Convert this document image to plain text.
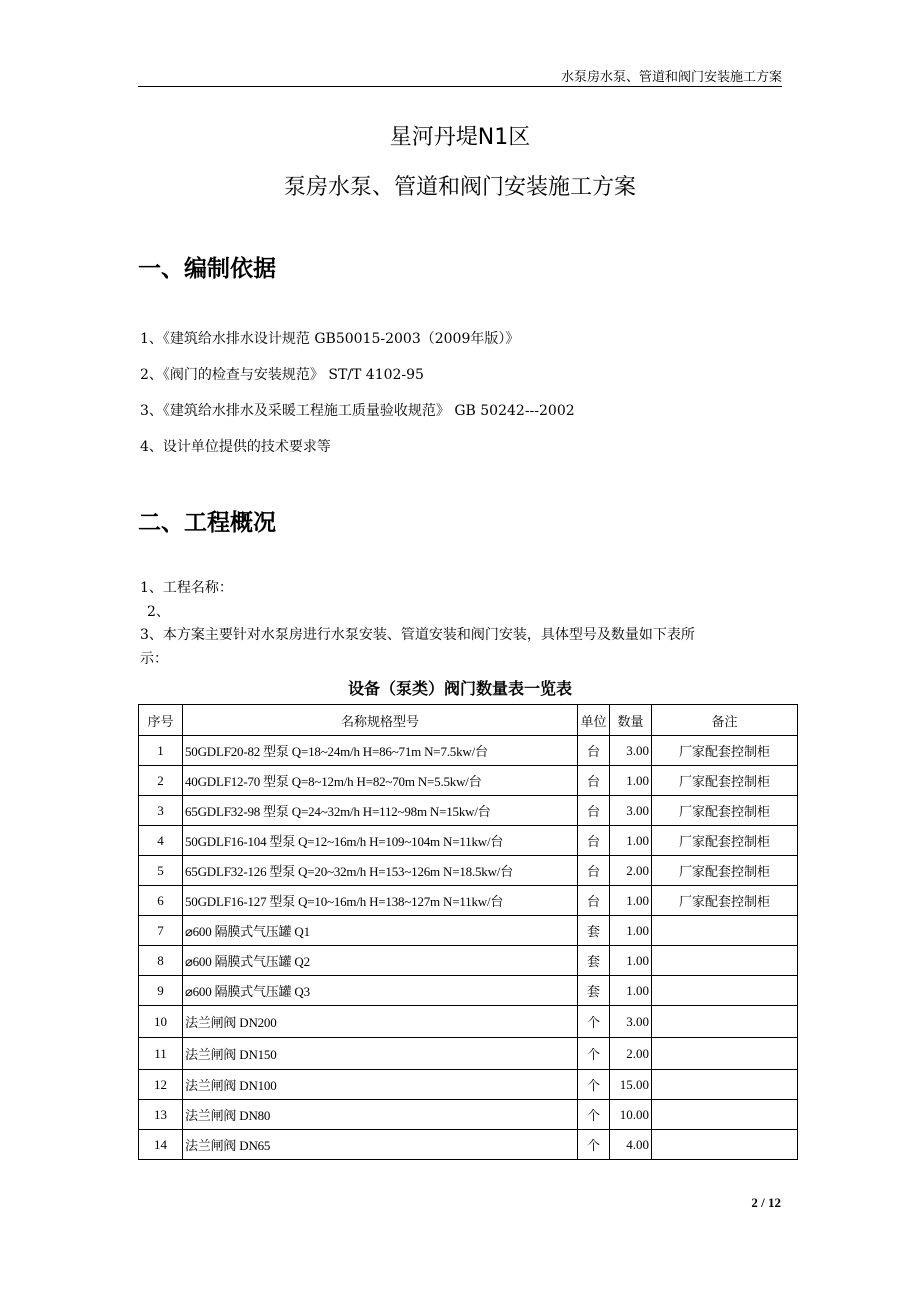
水泵房水泵、管道和阀门安装施工方案
星河丹堤N1区
泵房水泵、管道和阀门安装施工方案
一、编制依据
1、《建筑给水排水设计规范 GB50015-2003（2009年版）》
2、《阀门的检查与安装规范》 ST/T 4102-95
3、《建筑给水排水及采暖工程施工质量验收规范》 GB 50242---2002
4、设计单位提供的技术要求等
二、工程概况
1、工程名称：
2、
3、本方案主要针对水泵房进行水泵安装、管道安装和阀门安装，具体型号及数量如下表所
示：
设备（泵类）阀门数量表一览表
序号	名称规格型号	单位	数量	备注
1	50GDLF20-82 型泵 Q=18~24m/h H=86~71m N=7.5kw/台	台	3.00	厂家配套控制柜
2	40GDLF12-70 型泵 Q=8~12m/h H=82~70m N=5.5kw/台	台	1.00	厂家配套控制柜
3	65GDLF32-98 型泵 Q=24~32m/h H=112~98m N=15kw/台	台	3.00	厂家配套控制柜
4	50GDLF16-104 型泵 Q=12~16m/h H=109~104m N=11kw/台	台	1.00	厂家配套控制柜
5	65GDLF32-126 型泵 Q=20~32m/h H=153~126m N=18.5kw/台	台	2.00	厂家配套控制柜
6	50GDLF16-127 型泵 Q=10~16m/h H=138~127m N=11kw/台	台	1.00	厂家配套控制柜
7	⌀600 隔膜式气压罐 Q1	套	1.00	
8	⌀600 隔膜式气压罐 Q2	套	1.00	
9	⌀600 隔膜式气压罐 Q3	套	1.00	
10	法兰闸阀 DN200	个	3.00	
11	法兰闸阀 DN150	个	2.00	
12	法兰闸阀 DN100	个	15.00	
13	法兰闸阀 DN80	个	10.00	
14	法兰闸阀 DN65	个	4.00	
2 / 12
